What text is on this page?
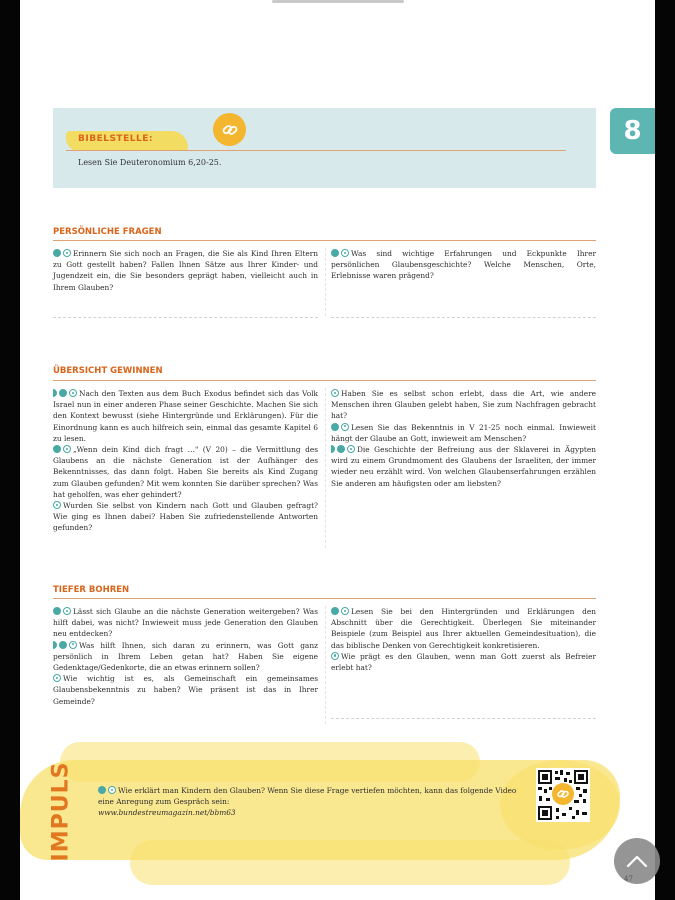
BIBELSTELLE:
Lesen Sie Deuteronomium 6,20-25.
8
PERSÖNLICHE FRAGEN

Erinnern Sie sich noch an Fragen, die Sie als Kind Ihren Eltern zu Gott gestellt haben? Fallen Ihnen Sätze aus Ihrer Kinder- und Jugendzeit ein, die Sie besonders geprägt haben, vielleicht auch in Ihrem Glauben?

Was sind wichtige Erfahrungen und Eckpunkte Ihrer persönlichen Glaubensgeschichte? Welche Menschen, Orte, Erlebnisse waren prägend?

ÜBERSICHT GEWINNEN

Nach den Texten aus dem Buch Exodus befindet sich das Volk Israel nun in einer anderen Phase seiner Geschichte. Machen Sie sich den Kontext bewusst (siehe Hintergründe und Erklärungen). Für die Einordnung kann es auch hilfreich sein, einmal das gesamte Kapitel 6 zu lesen.

„Wenn dein Kind dich fragt …" (V 20) – die Vermittlung des Glaubens an die nächste Generation ist der Aufhänger des Bekenntnisses, das dann folgt. Haben Sie bereits als Kind Zugang zum Glauben gefunden? Mit wem konnten Sie darüber sprechen? Was hat geholfen, was eher gehindert?

Wurden Sie selbst von Kindern nach Gott und Glauben gefragt? Wie ging es Ihnen dabei? Haben Sie zufriedenstellende Antworten gefunden?

Haben Sie es selbst schon erlebt, dass die Art, wie andere Menschen ihren Glauben gelebt haben, Sie zum Nachfragen gebracht hat?

Lesen Sie das Bekenntnis in V 21-25 noch einmal. Inwieweit hängt der Glaube an Gott, inwieweit am Menschen?

Die Geschichte der Befreiung aus der Sklaverei in Ägypten wird zu einem Grundmoment des Glaubens der Israeliten, der immer wieder neu erzählt wird. Von welchen Glaubenserfahrungen erzählen Sie anderen am häufigsten oder am liebsten?

TIEFER BOHREN

Lässt sich Glaube an die nächste Generation weitergeben? Was hilft dabei, was nicht? Inwieweit muss jede Generation den Glauben neu entdecken?

Was hilft Ihnen, sich daran zu erinnern, was Gott ganz persönlich in Ihrem Leben getan hat? Haben Sie eigene Gedenktage/Gedenkorte, die an etwas erinnern sollen?

Wie wichtig ist es, als Gemeinschaft ein gemeinsames Glaubensbekenntnis zu haben? Wie präsent ist das in Ihrer Gemeinde?

Lesen Sie bei den Hintergründen und Erklärungen den Abschnitt über die Gerechtigkeit. Überlegen Sie miteinander Beispiele (zum Beispiel aus Ihrer aktuellen Gemeindesituation), die das biblische Denken von Gerechtigkeit konkretisieren.

Wie prägt es den Glauben, wenn man Gott zuerst als Befreier erlebt hat?

IMPULS	Wie erklärt man Kindern den Glauben? Wenn Sie diese Frage vertiefen möchten, kann das folgende Video eine Anregung zum Gespräch sein:
www.bundestreumagazin.net/bbm63
47
